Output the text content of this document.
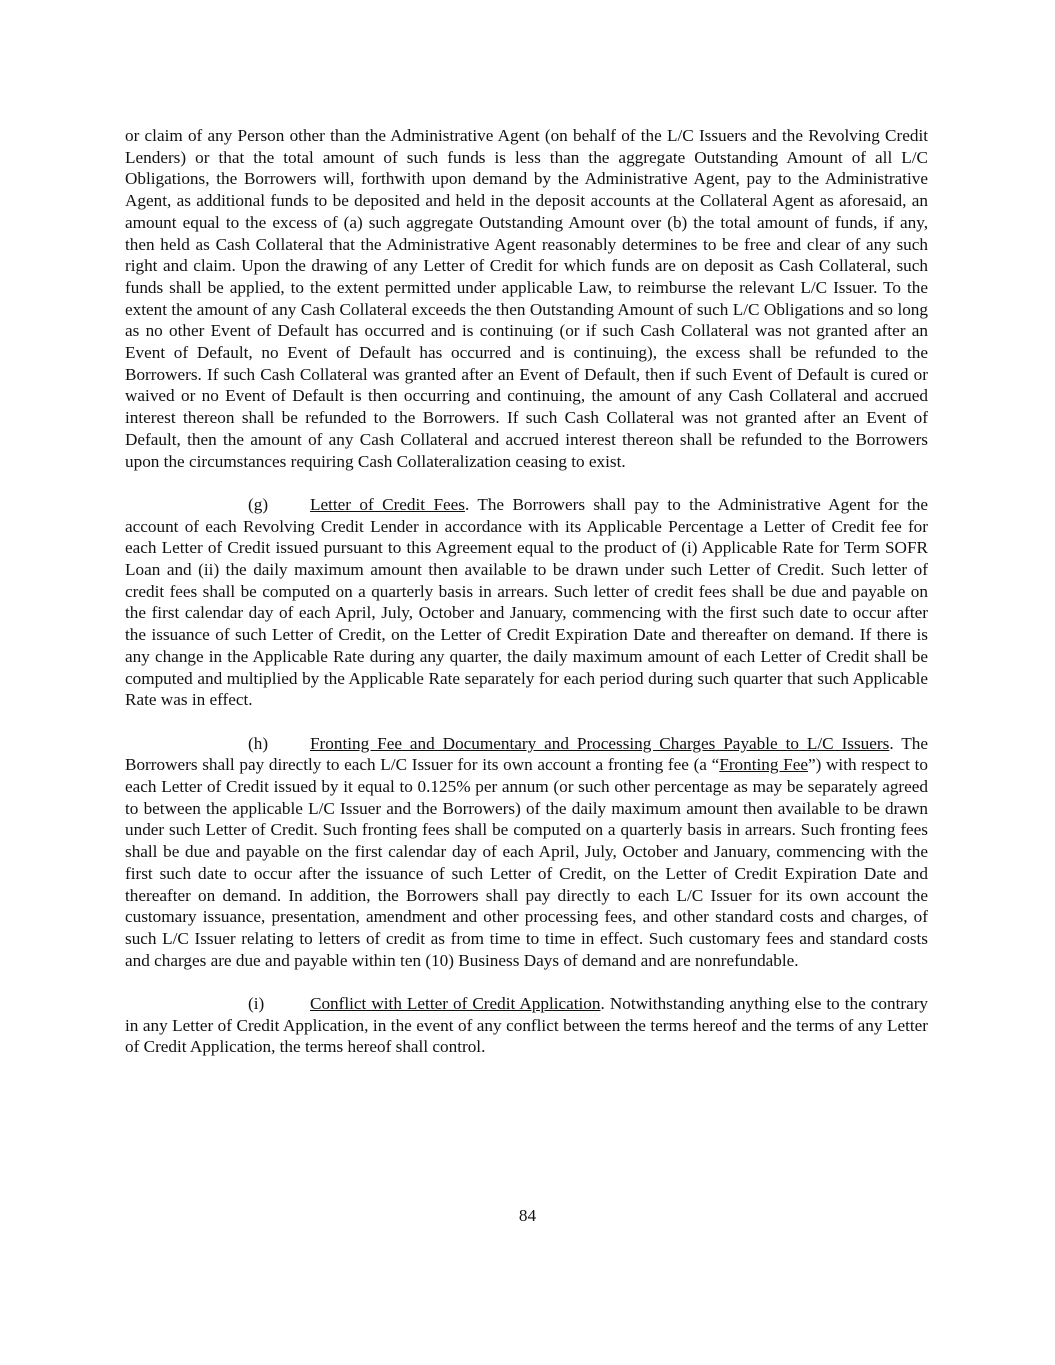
or claim of any Person other than the Administrative Agent (on behalf of the L/C Issuers and the Revolving Credit Lenders) or that the total amount of such funds is less than the aggregate Outstanding Amount of all L/C Obligations, the Borrowers will, forthwith upon demand by the Administrative Agent, pay to the Administrative Agent, as additional funds to be deposited and held in the deposit accounts at the Collateral Agent as aforesaid, an amount equal to the excess of (a) such aggregate Outstanding Amount over (b) the total amount of funds, if any, then held as Cash Collateral that the Administrative Agent reasonably determines to be free and clear of any such right and claim. Upon the drawing of any Letter of Credit for which funds are on deposit as Cash Collateral, such funds shall be applied, to the extent permitted under applicable Law, to reimburse the relevant L/C Issuer. To the extent the amount of any Cash Collateral exceeds the then Outstanding Amount of such L/C Obligations and so long as no other Event of Default has occurred and is continuing (or if such Cash Collateral was not granted after an Event of Default, no Event of Default has occurred and is continuing), the excess shall be refunded to the Borrowers. If such Cash Collateral was granted after an Event of Default, then if such Event of Default is cured or waived or no Event of Default is then occurring and continuing, the amount of any Cash Collateral and accrued interest thereon shall be refunded to the Borrowers. If such Cash Collateral was not granted after an Event of Default, then the amount of any Cash Collateral and accrued interest thereon shall be refunded to the Borrowers upon the circumstances requiring Cash Collateralization ceasing to exist.

(g) Letter of Credit Fees. The Borrowers shall pay to the Administrative Agent for the account of each Revolving Credit Lender in accordance with its Applicable Percentage a Letter of Credit fee for each Letter of Credit issued pursuant to this Agreement equal to the product of (i) Applicable Rate for Term SOFR Loan and (ii) the daily maximum amount then available to be drawn under such Letter of Credit. Such letter of credit fees shall be computed on a quarterly basis in arrears. Such letter of credit fees shall be due and payable on the first calendar day of each April, July, October and January, commencing with the first such date to occur after the issuance of such Letter of Credit, on the Letter of Credit Expiration Date and thereafter on demand. If there is any change in the Applicable Rate during any quarter, the daily maximum amount of each Letter of Credit shall be computed and multiplied by the Applicable Rate separately for each period during such quarter that such Applicable Rate was in effect.

(h) Fronting Fee and Documentary and Processing Charges Payable to L/C Issuers. The Borrowers shall pay directly to each L/C Issuer for its own account a fronting fee (a “Fronting Fee”) with respect to each Letter of Credit issued by it equal to 0.125% per annum (or such other percentage as may be separately agreed to between the applicable L/C Issuer and the Borrowers) of the daily maximum amount then available to be drawn under such Letter of Credit. Such fronting fees shall be computed on a quarterly basis in arrears. Such fronting fees shall be due and payable on the first calendar day of each April, July, October and January, commencing with the first such date to occur after the issuance of such Letter of Credit, on the Letter of Credit Expiration Date and thereafter on demand. In addition, the Borrowers shall pay directly to each L/C Issuer for its own account the customary issuance, presentation, amendment and other processing fees, and other standard costs and charges, of such L/C Issuer relating to letters of credit as from time to time in effect. Such customary fees and standard costs and charges are due and payable within ten (10) Business Days of demand and are nonrefundable.

(i)	Conflict with Letter of Credit Application. Notwithstanding anything else to the contrary in any Letter of Credit Application, in the event of any conflict between the terms hereof and the terms of any Letter of Credit Application, the terms hereof shall control.

84
